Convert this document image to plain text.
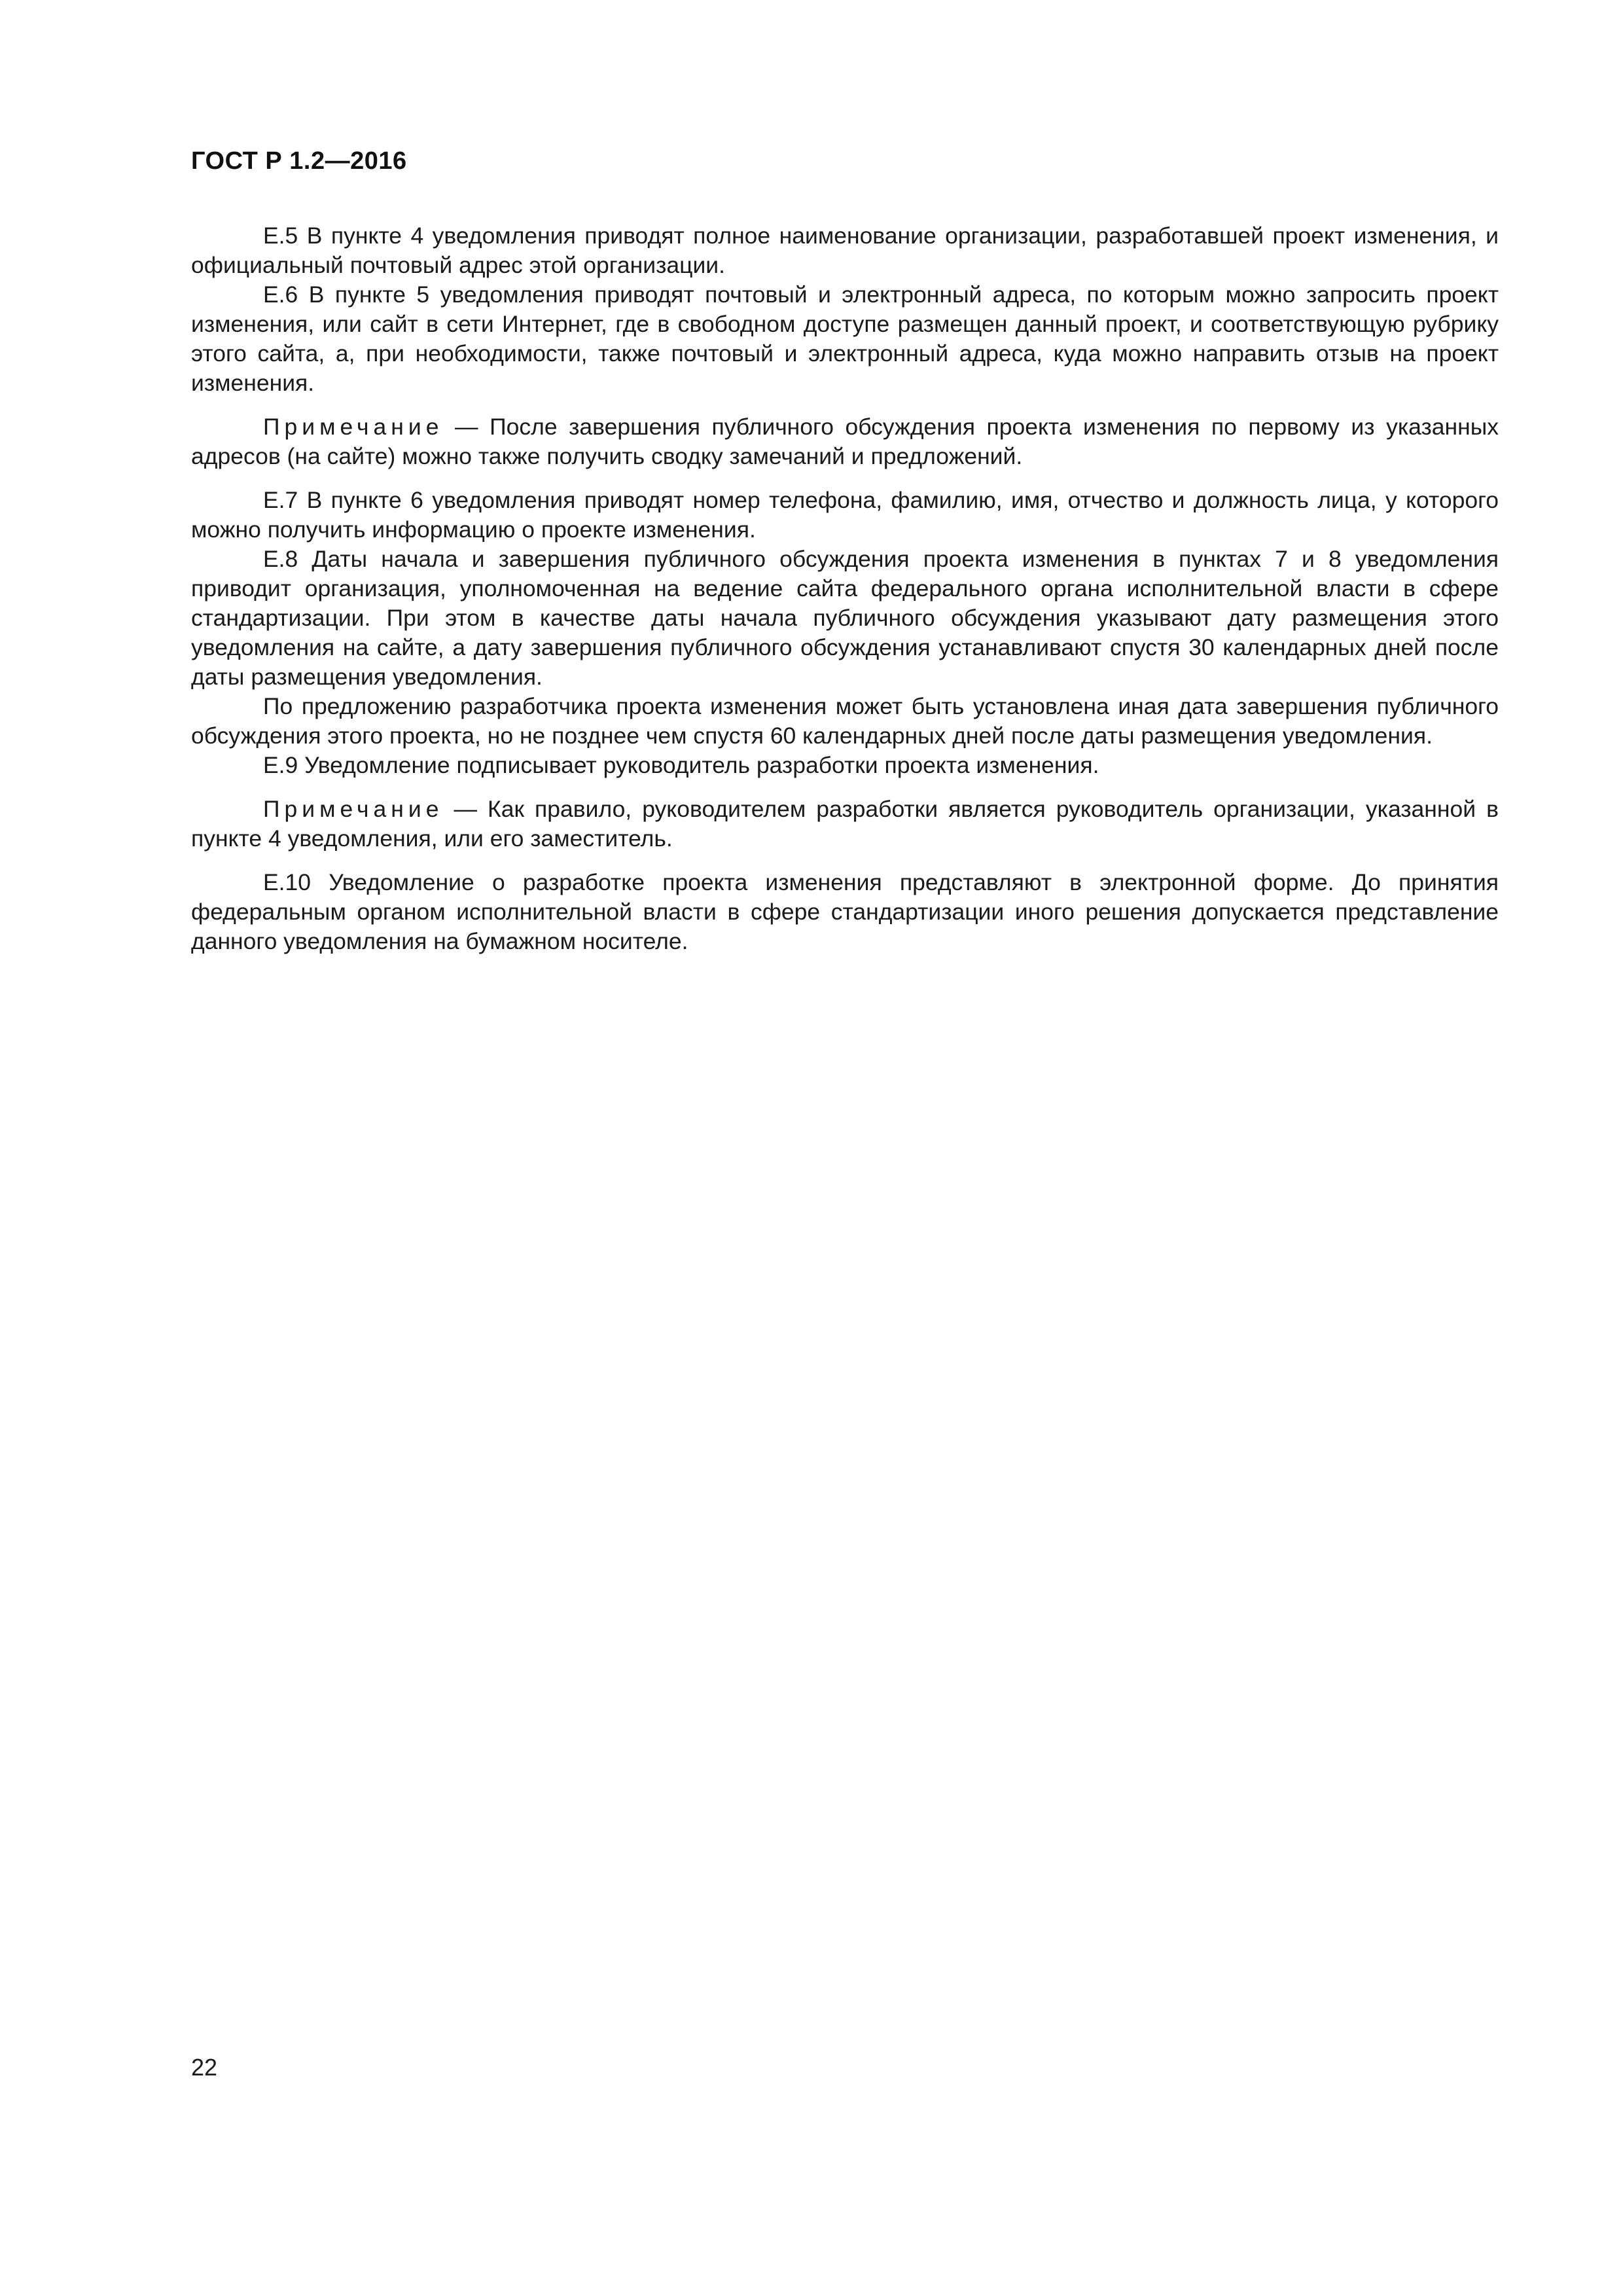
ГОСТ Р 1.2—2016

Е.5 В пункте 4 уведомления приводят полное наименование организации, разработавшей проект изменения, и официальный почтовый адрес этой организации.

Е.6 В пункте 5 уведомления приводят почтовый и электронный адреса, по которым можно запросить проект изменения, или сайт в сети Интернет, где в свободном доступе размещен данный проект, и соответствующую рубрику этого сайта, а, при необходимости, также почтовый и электронный адреса, куда можно направить отзыв на проект изменения.

Примечание — После завершения публичного обсуждения проекта изменения по первому из указанных адресов (на сайте) можно также получить сводку замечаний и предложений.

Е.7 В пункте 6 уведомления приводят номер телефона, фамилию, имя, отчество и должность лица, у которого можно получить информацию о проекте изменения.

Е.8 Даты начала и завершения публичного обсуждения проекта изменения в пунктах 7 и 8 уведомления приводит организация, уполномоченная на ведение сайта федерального органа исполнительной власти в сфере стандартизации. При этом в качестве даты начала публичного обсуждения указывают дату размещения этого уведомления на сайте, а дату завершения публичного обсуждения устанавливают спустя 30 календарных дней после даты размещения уведомления.

По предложению разработчика проекта изменения может быть установлена иная дата завершения публичного обсуждения этого проекта, но не позднее чем спустя 60 календарных дней после даты размещения уведомления.

Е.9 Уведомление подписывает руководитель разработки проекта изменения.

Примечание — Как правило, руководителем разработки является руководитель организации, указанной в пункте 4 уведомления, или его заместитель.

Е.10 Уведомление о разработке проекта изменения представляют в электронной форме. До принятия федеральным органом исполнительной власти в сфере стандартизации иного решения допускается представление данного уведомления на бумажном носителе.

22
